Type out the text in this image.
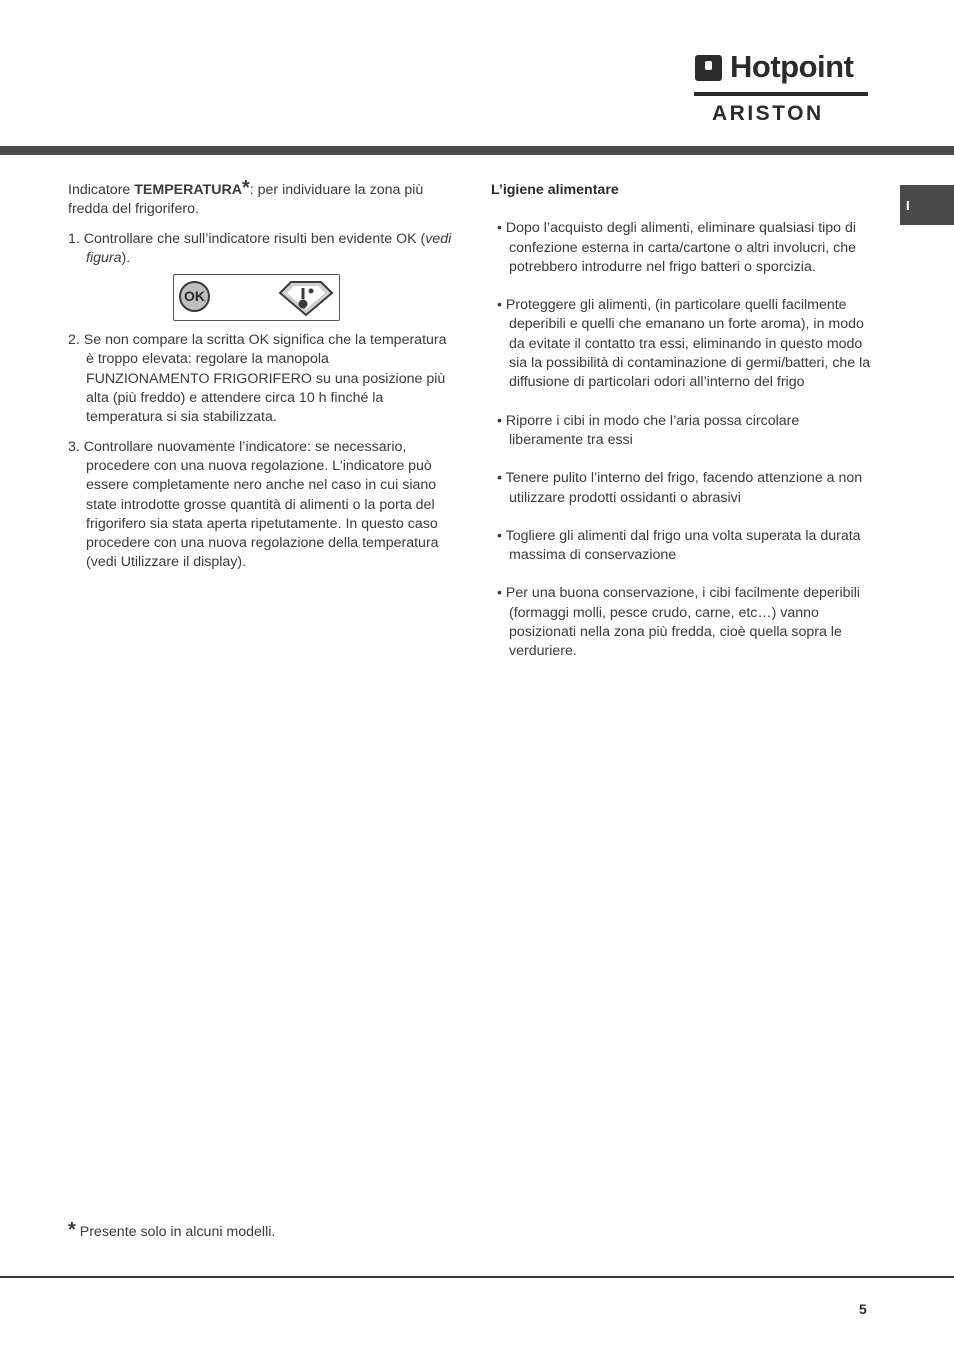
Hotpoint
ARISTON
I

Indicatore TEMPERATURA*: per individuare la zona più fredda del frigorifero.

1. Controllare che sull’indicatore risulti ben evidente OK (vedi figura).

OK

2. Se non compare la scritta OK significa che la temperatura è troppo elevata: regolare la manopola FUNZIONAMENTO FRIGORIFERO su una posizione più alta (più freddo) e attendere circa 10 h finché la temperatura si sia stabilizzata.

3. Controllare nuovamente l’indicatore: se necessario, procedere con una nuova regolazione. L'indicatore può essere completamente nero anche nel caso in cui siano state introdotte grosse quantità di alimenti o la porta del frigorifero sia stata aperta ripetutamente. In questo caso procedere con una nuova regolazione della temperatura (vedi Utilizzare il display).

L’igiene alimentare

• Dopo l’acquisto degli alimenti, eliminare qualsiasi tipo di confezione esterna in carta/cartone o altri involucri, che potrebbero introdurre nel frigo batteri o sporcizia.

• Proteggere gli alimenti, (in particolare quelli facilmente deperibili e quelli che emanano un forte aroma), in modo da evitate il contatto tra essi, eliminando in questo modo sia la possibilità di contaminazione di germi/batteri, che la diffusione di particolari odori all’interno del frigo

• Riporre i cibi in modo che l’aria possa circolare liberamente tra essi

• Tenere pulito l’interno del frigo, facendo attenzione a non utilizzare prodotti ossidanti o abrasivi

• Togliere gli alimenti dal frigo una volta superata la durata massima di conservazione

• Per una buona conservazione, i cibi facilmente deperibili (formaggi molli, pesce crudo, carne, etc…) vanno posizionati nella zona più fredda, cioè quella sopra le verduriere.

* Presente solo in alcuni modelli.

5
